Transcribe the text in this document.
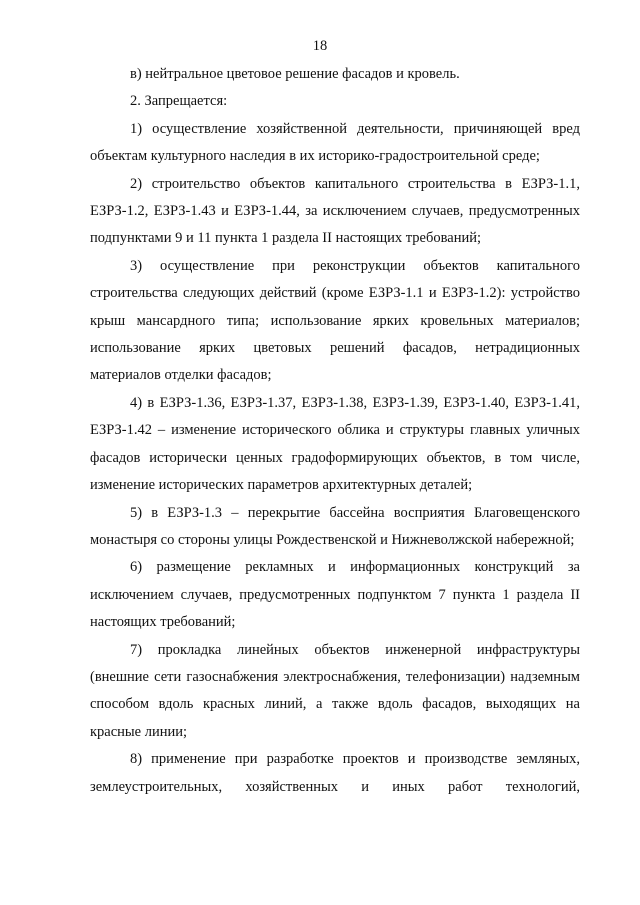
18

в) нейтральное цветовое решение фасадов и кровель.

2. Запрещается:

1) осуществление хозяйственной деятельности, причиняющей вред объектам культурного наследия в их историко-градостроительной среде;

2) строительство объектов капитального строительства в ЕЗРЗ-1.1, ЕЗРЗ-1.2, ЕЗРЗ-1.43 и ЕЗРЗ-1.44, за исключением случаев, предусмотренных подпунктами 9 и 11 пункта 1 раздела II настоящих требований;

3) осуществление при реконструкции объектов капитального строительства следующих действий (кроме ЕЗРЗ-1.1 и ЕЗРЗ-1.2): устройство крыш мансардного типа; использование ярких кровельных материалов; использование ярких цветовых решений фасадов, нетрадиционных материалов отделки фасадов;

4) в ЕЗРЗ-1.36, ЕЗРЗ-1.37, ЕЗРЗ-1.38, ЕЗРЗ-1.39, ЕЗРЗ-1.40, ЕЗРЗ-1.41, ЕЗРЗ-1.42 – изменение исторического облика и структуры главных уличных фасадов исторически ценных градоформирующих объектов, в том числе, изменение исторических параметров архитектурных деталей;

5) в ЕЗРЗ-1.3 – перекрытие бассейна восприятия Благовещенского монастыря со стороны улицы Рождественской и Нижневолжской набережной;

6) размещение рекламных и информационных конструкций за исключением случаев, предусмотренных подпунктом 7 пункта 1 раздела II настоящих требований;

7) прокладка линейных объектов инженерной инфраструктуры (внешние сети газоснабжения электроснабжения, телефонизации) надземным способом вдоль красных линий, а также вдоль фасадов, выходящих на красные линии;

8) применение при разработке проектов и производстве земляных, землеустроительных, хозяйственных и иных работ технологий,
